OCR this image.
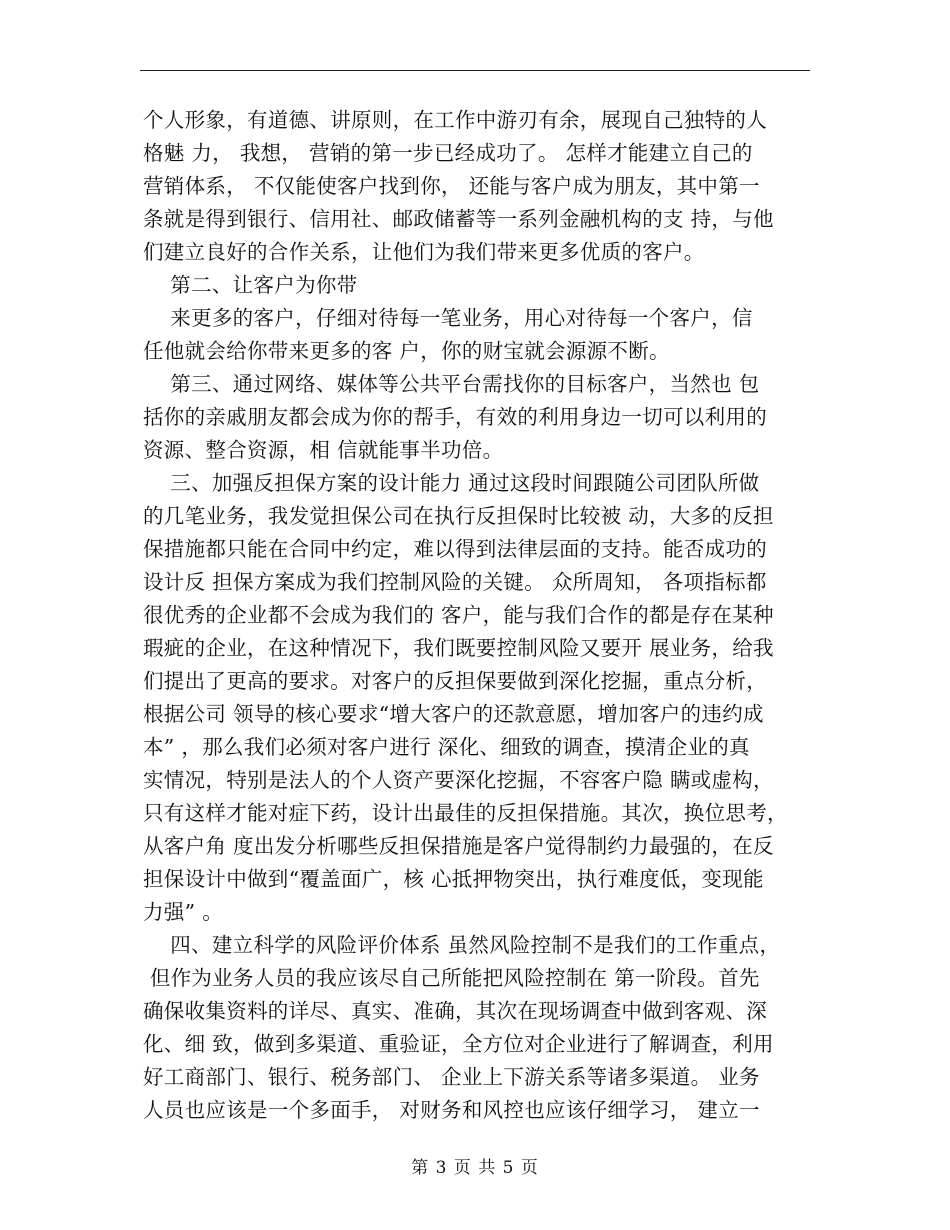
个人形象，有道德、讲原则，在工作中游刃有余，展现自己独特的人
格魅 力， 我想， 营销的第一步已经成功了。 怎样才能建立自己的
营销体系， 不仅能使客户找到你， 还能与客户成为朋友，其中第一
条就是得到银行、信用社、邮政储蓄等一系列金融机构的支 持，与他
们建立良好的合作关系，让他们为我们带来更多优质的客户。
第二、让客户为你带
来更多的客户，仔细对待每一笔业务，用心对待每一个客户，信
任他就会给你带来更多的客 户，你的财宝就会源源不断。
第三、通过网络、媒体等公共平台需找你的目标客户，当然也 包
括你的亲戚朋友都会成为你的帮手，有效的利用身边一切可以利用的
资源、整合资源，相 信就能事半功倍。
三、加强反担保方案的设计能力 通过这段时间跟随公司团队所做
的几笔业务，我发觉担保公司在执行反担保时比较被 动，大多的反担
保措施都只能在合同中约定，难以得到法律层面的支持。能否成功的
设计反 担保方案成为我们控制风险的关键。 众所周知， 各项指标都
很优秀的企业都不会成为我们的 客户，能与我们合作的都是存在某种
瑕疵的企业，在这种情况下，我们既要控制风险又要开 展业务，给我
们提出了更高的要求。对客户的反担保要做到深化挖掘，重点分析，
根据公司 领导的核心要求“增大客户的还款意愿，增加客户的违约成
本” ，那么我们必须对客户进行 深化、细致的调查，摸清企业的真
实情况，特别是法人的个人资产要深化挖掘，不容客户隐 瞒或虚构，
只有这样才能对症下药，设计出最佳的反担保措施。其次，换位思考，
从客户角 度出发分析哪些反担保措施是客户觉得制约力最强的，在反
担保设计中做到“覆盖面广，核 心抵押物突出，执行难度低，变现能
力强” 。
四、建立科学的风险评价体系 虽然风险控制不是我们的工作重点，
但作为业务人员的我应该尽自己所能把风险控制在 第一阶段。首先
确保收集资料的详尽、真实、准确，其次在现场调查中做到客观、深
化、细 致，做到多渠道、重验证，全方位对企业进行了解调查，利用
好工商部门、银行、税务部门、 企业上下游关系等诸多渠道。 业务
人员也应该是一个多面手， 对财务和风控也应该仔细学习， 建立一
第 3 页 共 5 页
